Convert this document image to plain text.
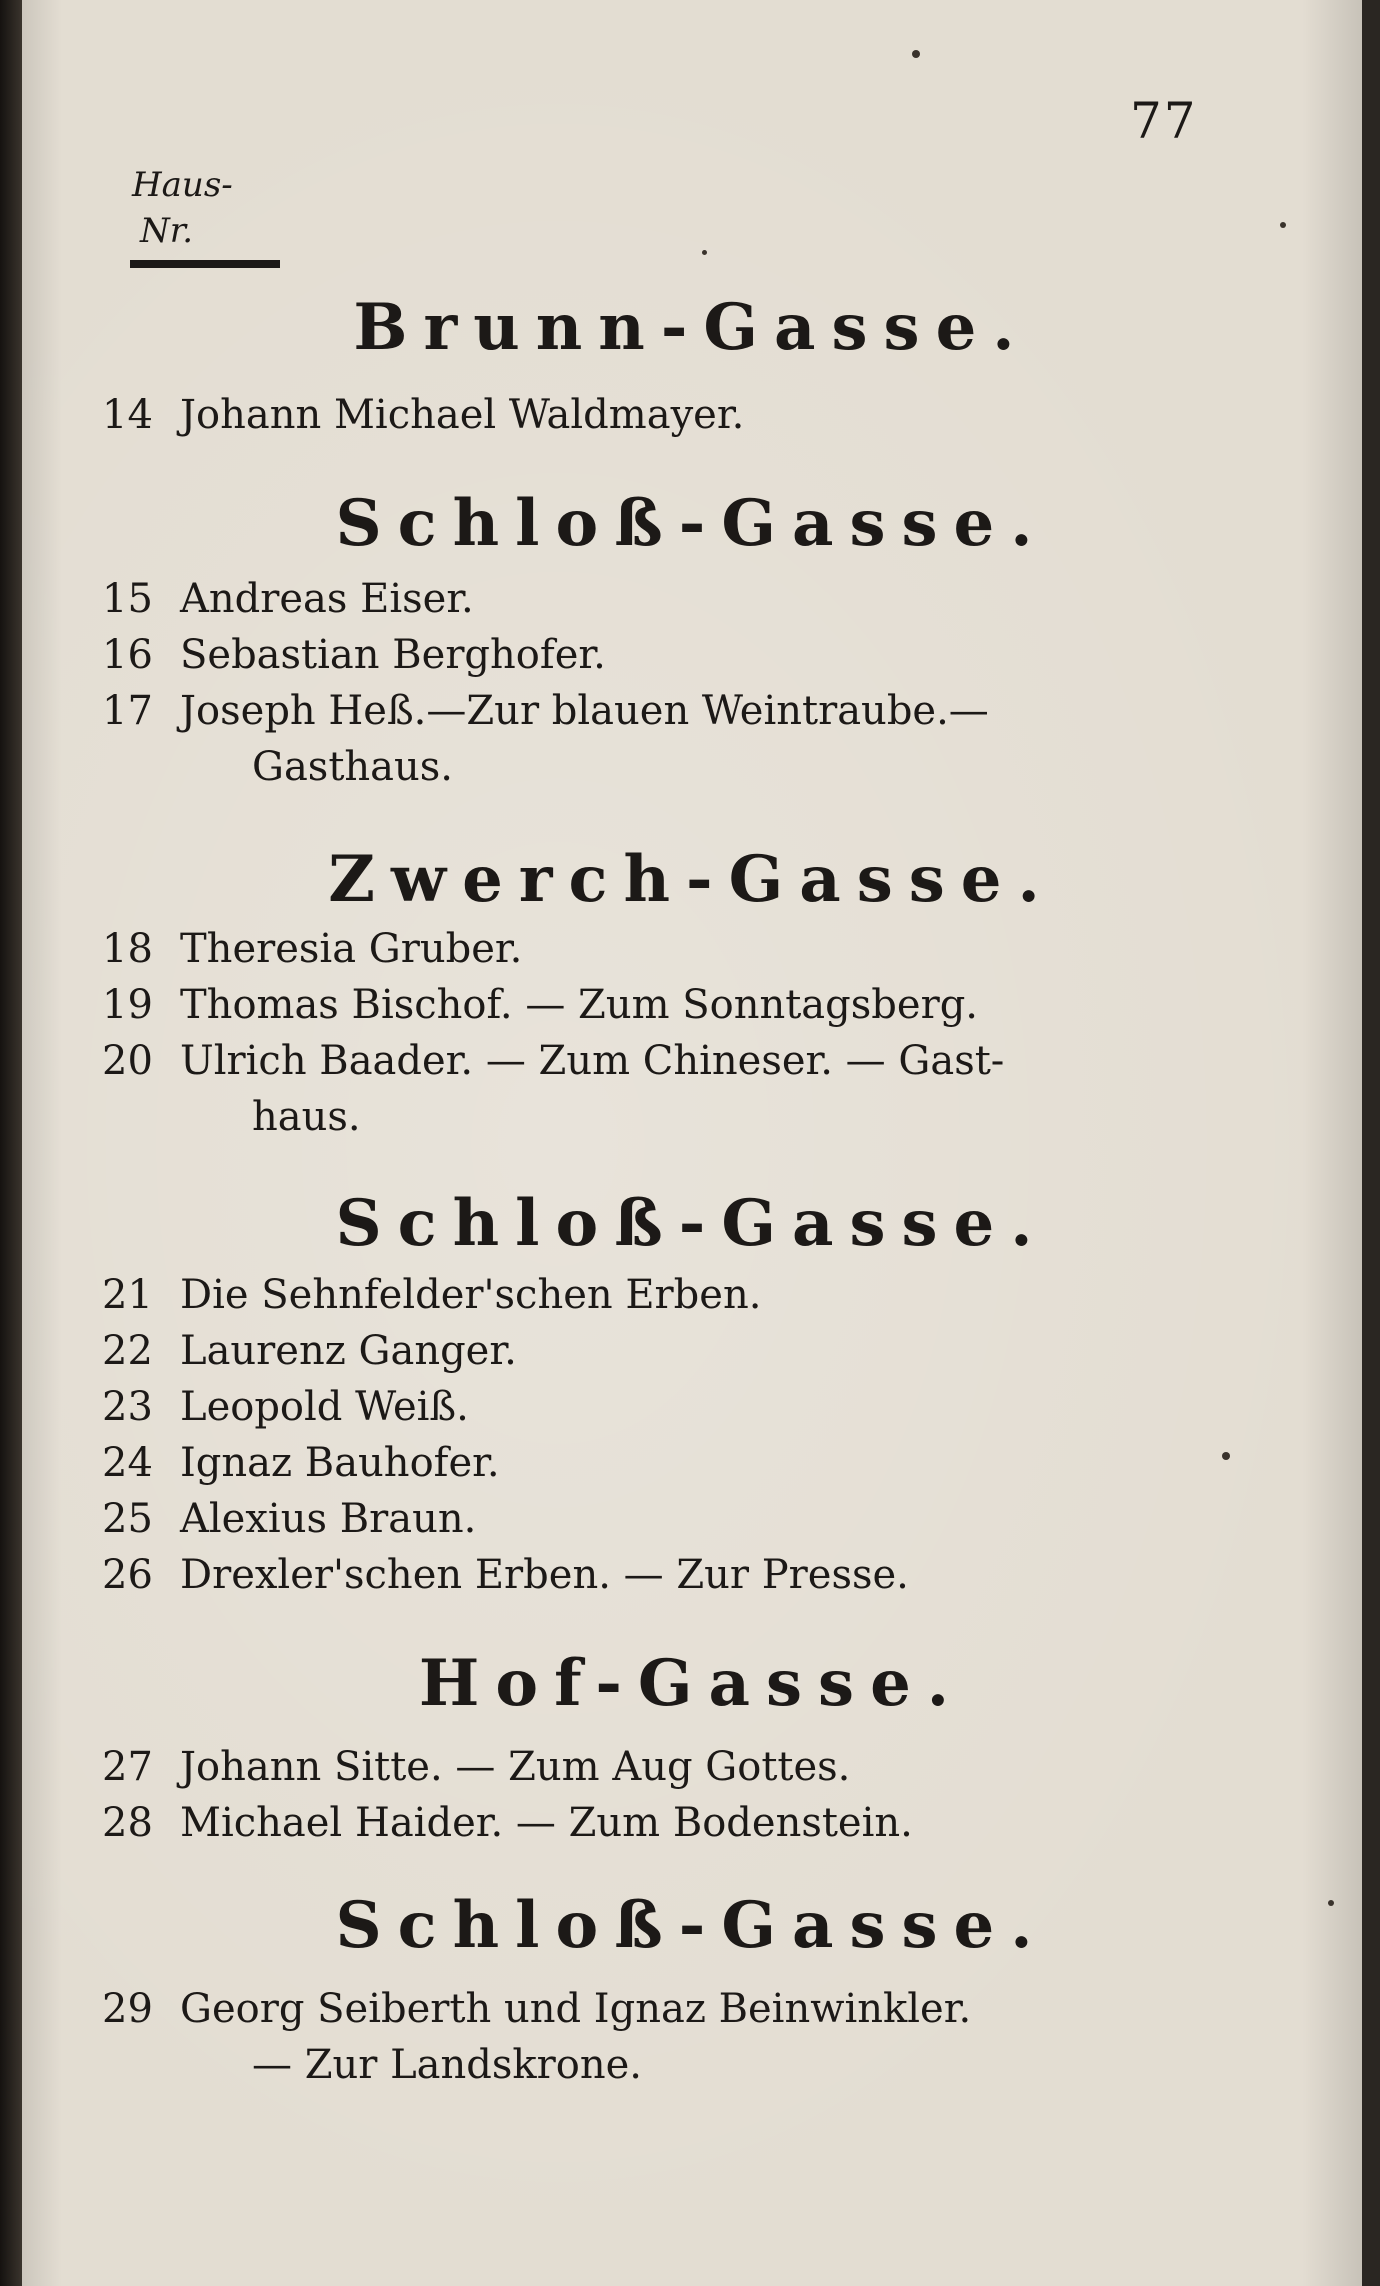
77
Haus-
Nr.
Brunn-Gasse.
14 Johann Michael Waldmayer.
Schloß-Gasse.
15 Andreas Eiser.
16 Sebastian Berghofer.
17 Joseph Heß.—Zur blauen Weintraube.—
Gasthaus.
Zwerch-Gasse.
18 Theresia Gruber.
19 Thomas Bischof. — Zum Sonntagsberg.
20 Ulrich Baader. — Zum Chineser. — Gast-
haus.
Schloß-Gasse.
21 Die Sehnfelder'schen Erben.
22 Laurenz Ganger.
23 Leopold Weiß.
24 Ignaz Bauhofer.
25 Alexius Braun.
26 Drexler'schen Erben. — Zur Presse.
Hof-Gasse.
27 Johann Sitte. — Zum Aug Gottes.
28 Michael Haider. — Zum Bodenstein.
Schloß-Gasse.
29 Georg Seiberth und Ignaz Beinwinkler.
— Zur Landskrone.
